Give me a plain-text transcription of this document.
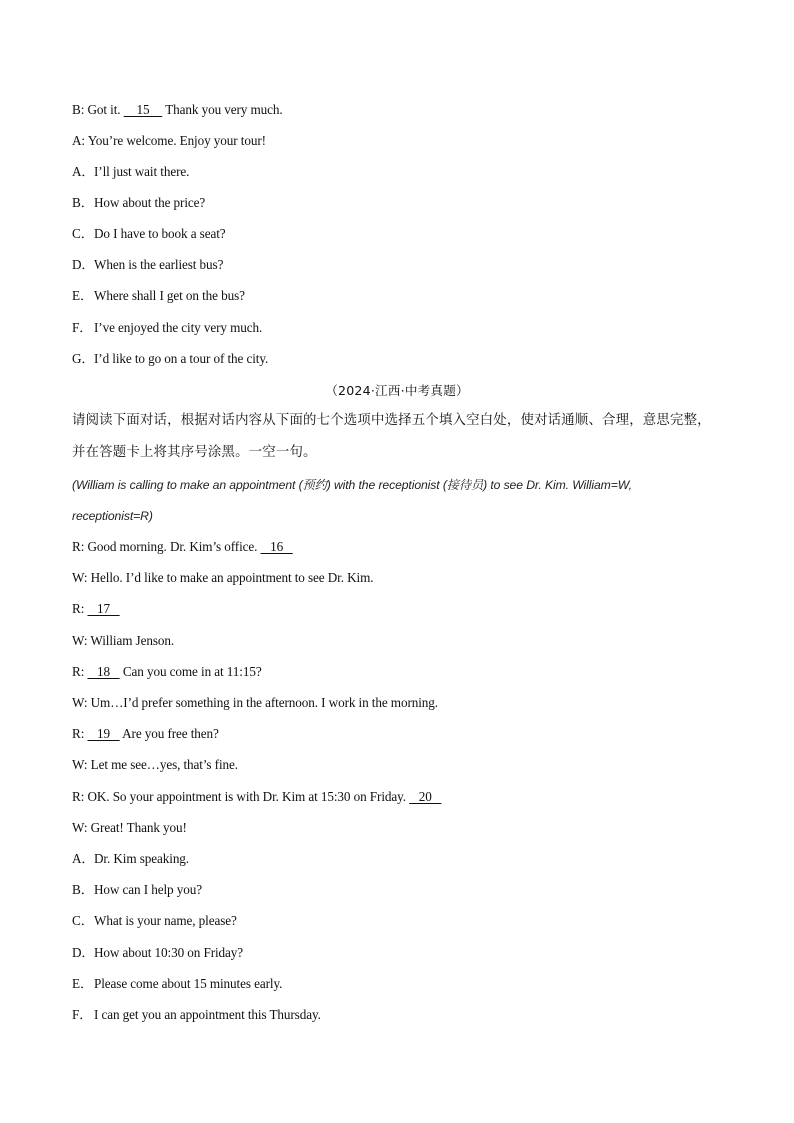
B: Got it.     15     Thank you very much.
A: You’re welcome. Enjoy your tour!
A．I’ll just wait there.
B．How about the price?
C．Do I have to book a seat?
D．When is the earliest bus?
E．Where shall I get on the bus?
F． I’ve enjoyed the city very much.
G．I’d like to go on a tour of the city.
（2024·江西·中考真题）
请阅读下面对话，根据对话内容从下面的七个选项中选择五个填入空白处，使对话通顺、合理，意思完整，
并在答题卡上将其序号涂黑。一空一句。
(William is calling to make an appointment (预约) with the receptionist (接待员) to see Dr. Kim. William=W,
receptionist=R)
R: Good morning. Dr. Kim’s office.    16
W: Hello. I’d like to make an appointment to see Dr. Kim.
R:    17
W: William Jenson.
R:    18    Can you come in at 11:15?
W: Um…I’d prefer something in the afternoon. I work in the morning.
R:    19    Are you free then?
W: Let me see…yes, that’s fine.
R: OK. So your appointment is with Dr. Kim at 15:30 on Friday.    20
W: Great! Thank you!
A．Dr. Kim speaking.
B．How can I help you?
C．What is your name, please?
D．How about 10:30 on Friday?
E．Please come about 15 minutes early.
F． I can get you an appointment this Thursday.
